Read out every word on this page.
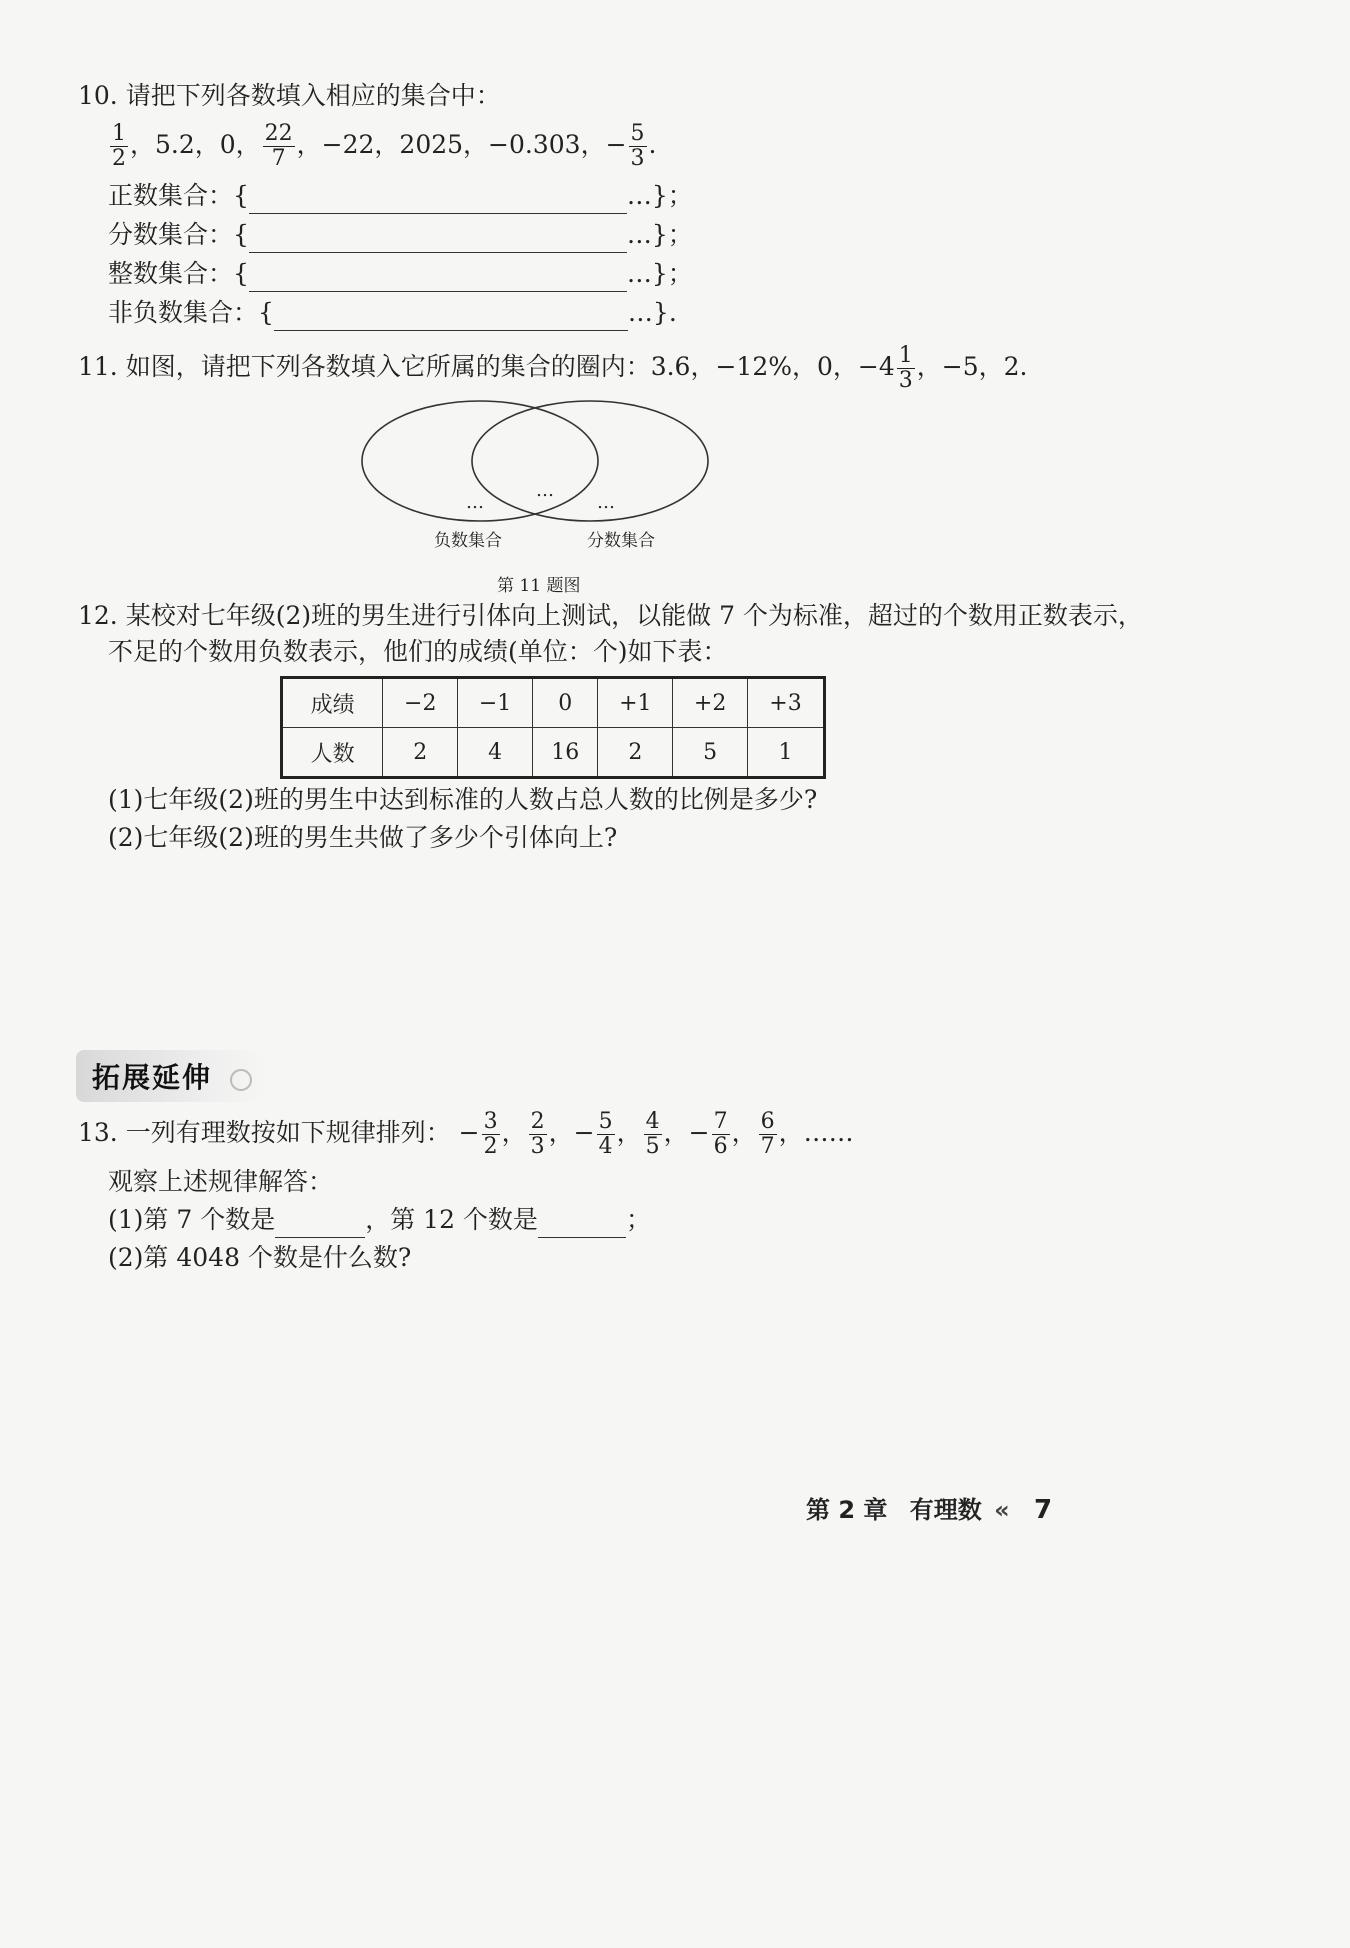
10. 请把下列各数填入相应的集合中：
$\frac{1}{2}$ ，5.2，0， $\frac{22}{7}$ ，−22，2025，−0.303，− $\frac{5}{3}$ .
正数集合：{	…}；
分数集合：{	…}；
整数集合：{	…}；
非负数集合：{	…}.
11. 如图，请把下列各数填入它所属的集合的圈内：3.6，−12%，0，$-4 \frac{1}{3}$ ，−5，2.
…
…
…
负数集合	分数集合
第 11 题图
12. 某校对七年级(2)班的男生进行引体向上测试，以能做 7 个为标准，超过的个数用正数表示，
不足的个数用负数表示，他们的成绩(单位：个)如下表：
成绩	−2	−1	0	+1	+2	+3
人数	2	4	16	2	5	1
(1)七年级(2)班的男生中达到标准的人数占总人数的比例是多少?
(2)七年级(2)班的男生共做了多少个引体向上?
拓展延伸
13. 一列有理数按如下规律排列： − $\frac{3}{2}$ ， $\frac{2}{3}$ ，− $\frac{5}{4}$ ， $\frac{4}{5}$ ，− $\frac{7}{6}$ ， $\frac{6}{7}$ ，……
观察上述规律解答：
(1)第 7 个数是	，第 12 个数是	；
(2)第 4048 个数是什么数?
第 2 章 有理数 « 7
